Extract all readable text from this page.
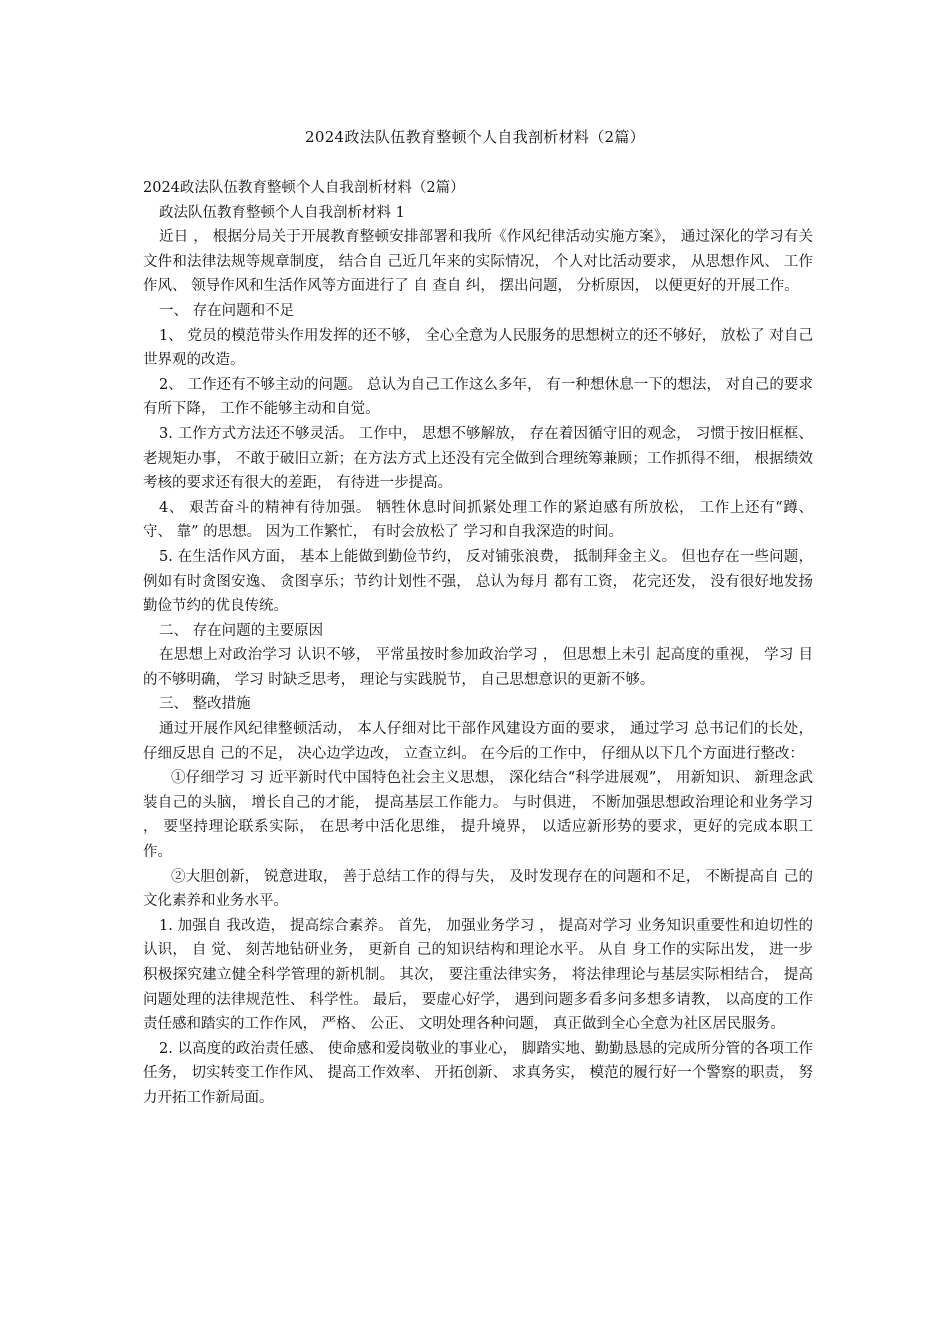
2024政法队伍教育整顿个人自我剖析材料（2篇）

2024政法队伍教育整顿个人自我剖析材料（2篇）

政法队伍教育整顿个人自我剖析材料 1

近日 ， 根据分局关于开展教育整顿安排部署和我所《作风纪律活动实施方案》， 通过深化的学习有关文件和法律法规等规章制度， 结合自 己近几年来的实际情况， 个人对比活动要求， 从思想作风、 工作作风、 领导作风和生活作风等方面进行了 自 查自 纠， 摆出问题， 分析原因， 以便更好的开展工作。

一、 存在问题和不足

1、 党员的模范带头作用发挥的还不够， 全心全意为人民服务的思想树立的还不够好， 放松了 对自己世界观的改造。

2、 工作还有不够主动的问题。 总认为自己工作这么多年， 有一种想休息一下的想法， 对自己的要求有所下降， 工作不能够主动和自觉。

3. 工作方式方法还不够灵活。 工作中， 思想不够解放， 存在着因循守旧的观念， 习惯于按旧框框、 老规矩办事， 不敢于破旧立新；在方法方式上还没有完全做到合理统筹兼顾；工作抓得不细， 根据绩效考核的要求还有很大的差距， 有待进一步提高。

4、 艰苦奋斗的精神有待加强。 牺牲休息时间抓紧处理工作的紧迫感有所放松， 工作上还有“蹲、 守、 靠” 的思想。 因为工作繁忙， 有时会放松了 学习和自我深造的时间。

5. 在生活作风方面， 基本上能做到勤俭节约， 反对铺张浪费， 抵制拜金主义。 但也存在一些问题， 例如有时贪图安逸、 贪图享乐；节约计划性不强， 总认为每月 都有工资， 花完还发， 没有很好地发扬勤俭节约的优良传统。

二、 存在问题的主要原因

在思想上对政治学习 认识不够， 平常虽按时参加政治学习 ， 但思想上未引 起高度的重视， 学习 目 的不够明确， 学习 时缺乏思考， 理论与实践脱节， 自己思想意识的更新不够。

三、 整改措施

通过开展作风纪律整顿活动， 本人仔细对比干部作风建设方面的要求， 通过学习 总书记们的长处， 仔细反思自 己的不足， 决心边学边改， 立查立纠。 在今后的工作中， 仔细从以下几个方面进行整改：

①仔细学习 习 近平新时代中国特色社会主义思想， 深化结合“科学进展观”， 用新知识、 新理念武装自己的头脑， 增长自己的才能， 提高基层工作能力。 与时俱进， 不断加强思想政治理论和业务学习 ， 要坚持理论联系实际， 在思考中活化思维， 提升境界， 以适应新形势的要求，更好的完成本职工作。

②大胆创新， 锐意进取， 善于总结工作的得与失， 及时发现存在的问题和不足， 不断提高自 己的文化素养和业务水平。

1. 加强自 我改造， 提高综合素养。 首先， 加强业务学习 ， 提高对学习 业务知识重要性和迫切性的认识， 自 觉、 刻苦地钻研业务， 更新自 己的知识结构和理论水平。 从自 身工作的实际出发， 进一步积极探究建立健全科学管理的新机制。 其次， 要注重法律实务， 将法律理论与基层实际相结合， 提高问题处理的法律规范性、 科学性。 最后， 要虚心好学， 遇到问题多看多问多想多请教， 以高度的工作责任感和踏实的工作作风， 严格、 公正、 文明处理各种问题， 真正做到全心全意为社区居民服务。

2. 以高度的政治责任感、 使命感和爱岗敬业的事业心， 脚踏实地、勤勤恳恳的完成所分管的各项工作任务， 切实转变工作作风、 提高工作效率、 开拓创新、 求真务实， 模范的履行好一个警察的职责， 努力开拓工作新局面。
